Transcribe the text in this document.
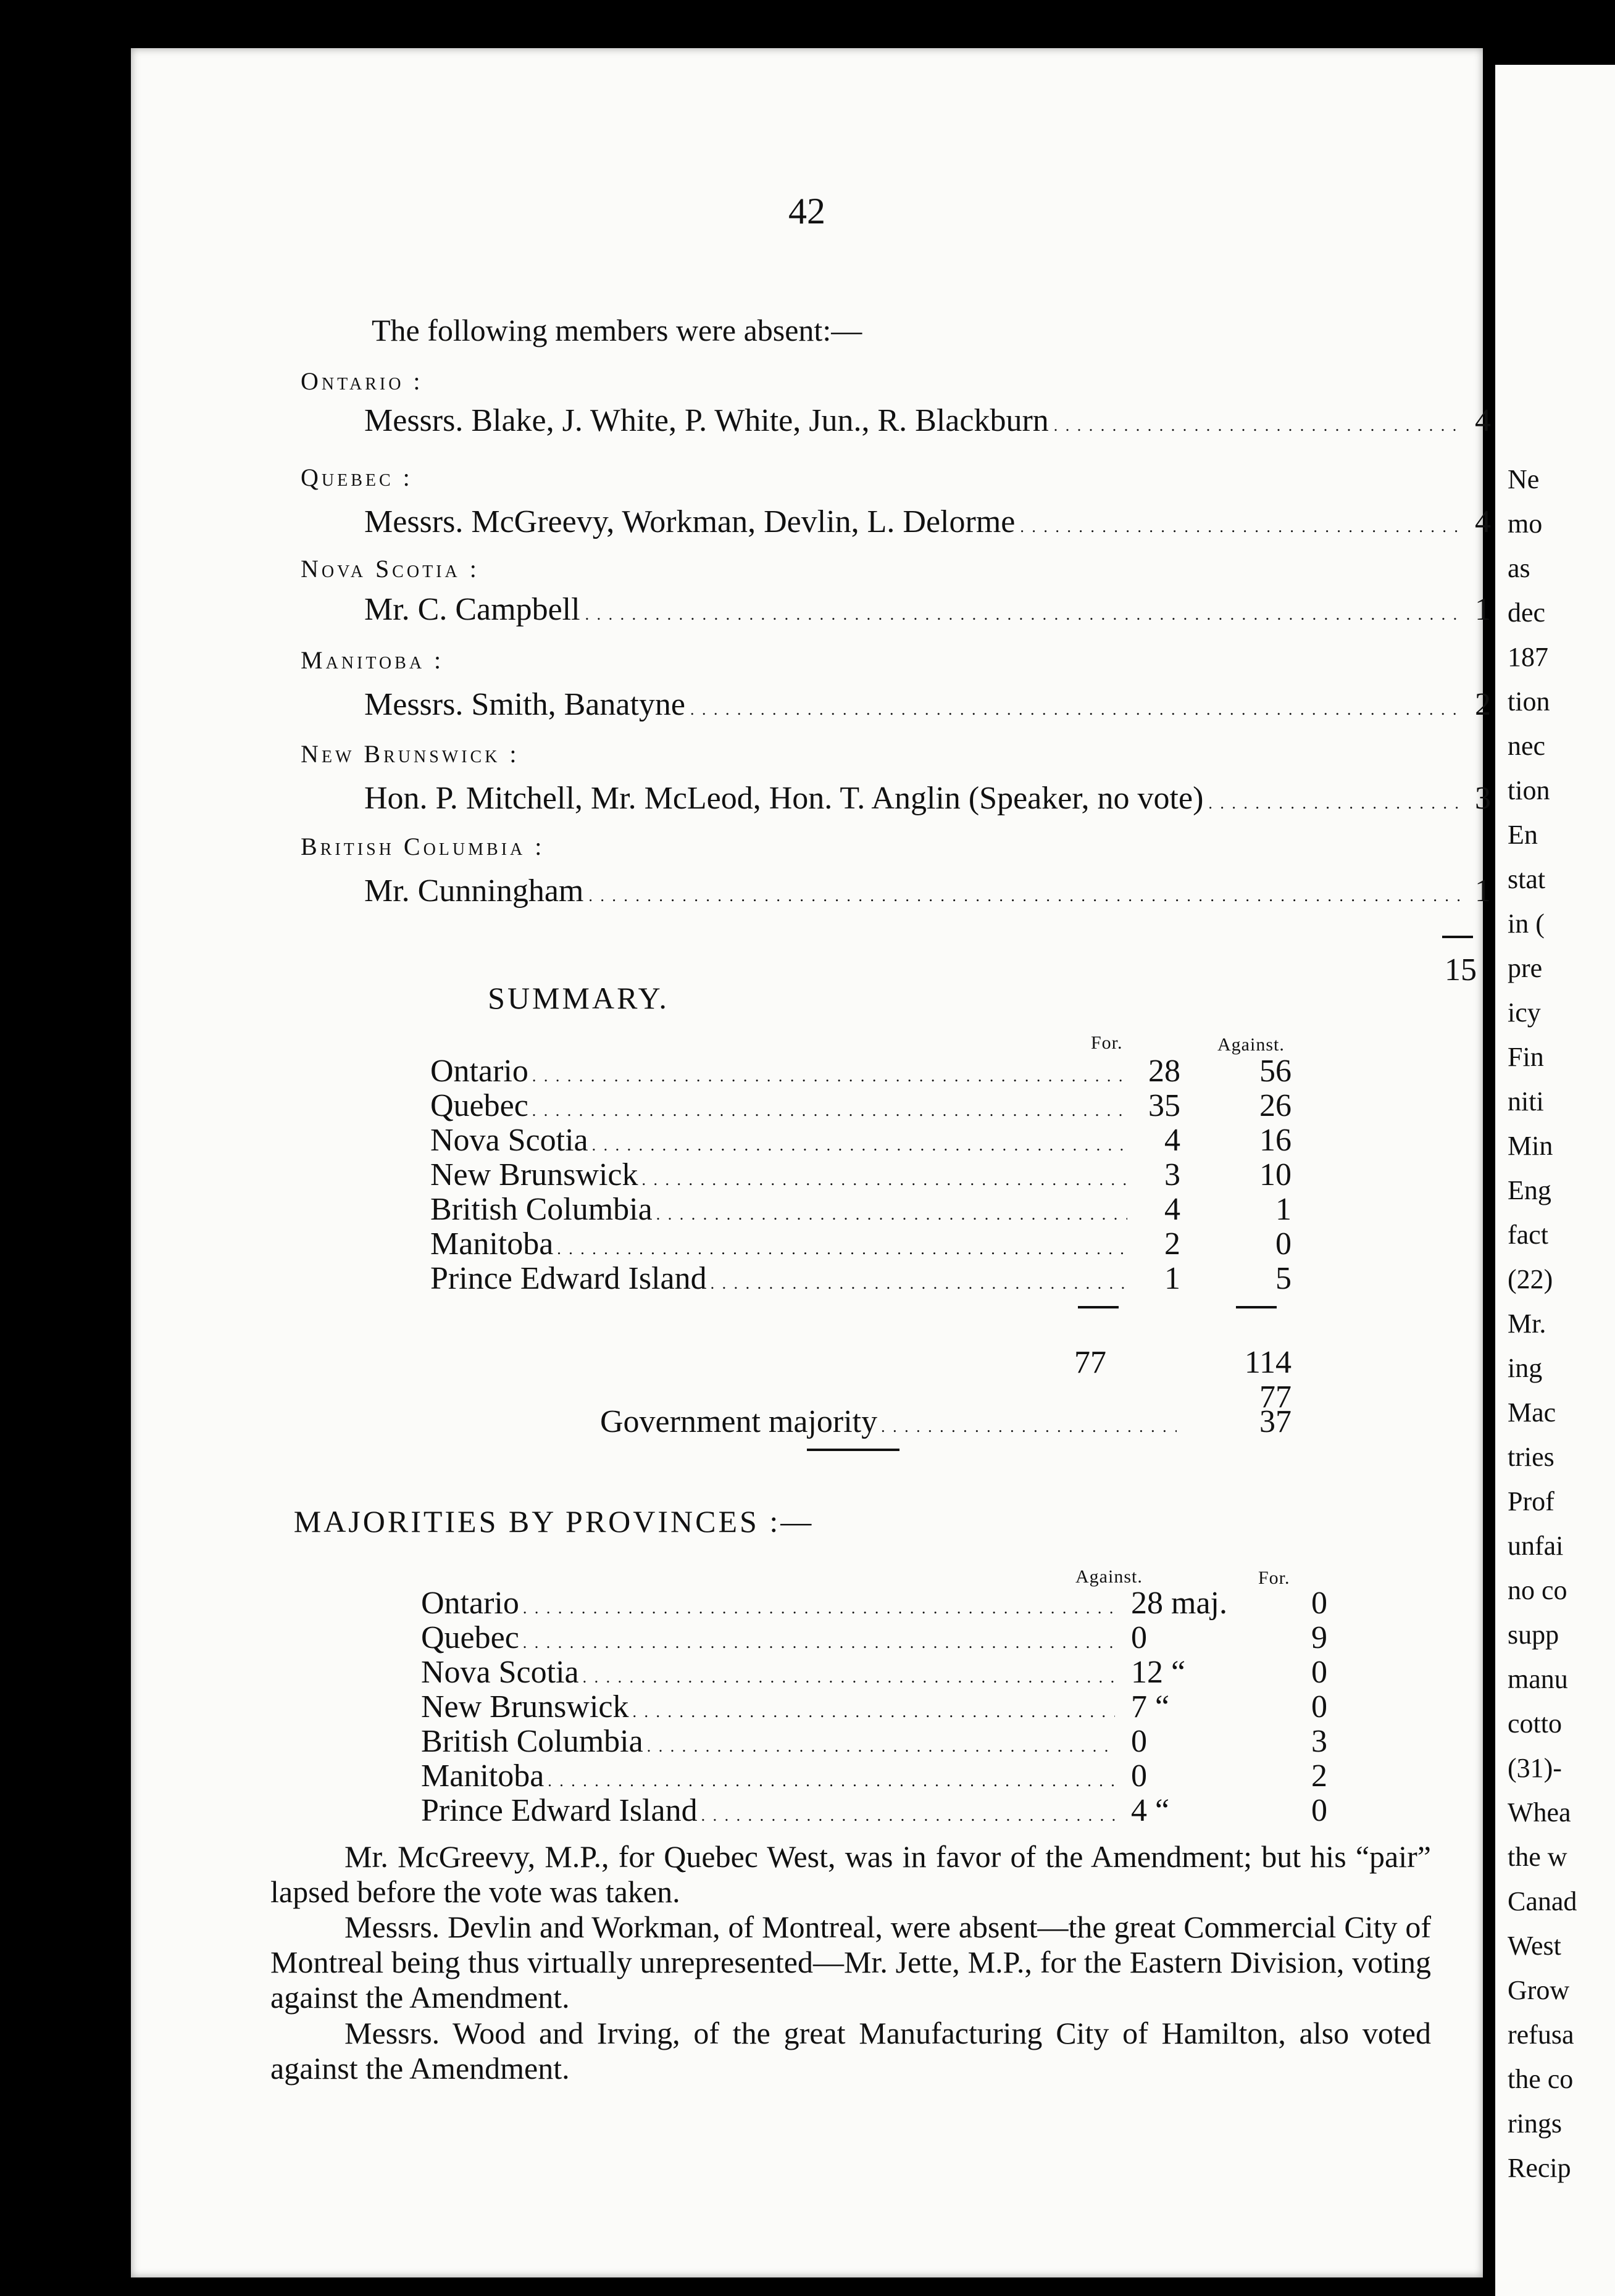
42
The following members were absent:—
Ontario :
Messrs. Blake, J. White, P. White, Jun., R. Blackburn . . .	4
Quebec :
Messrs. McGreevy, Workman, Devlin, L. Delorme . . .	4
Nova Scotia :
Mr. C. Campbell . . .	1
Manitoba :
Messrs. Smith, Banatyne . . .	2
New Brunswick :
Hon. P. Mitchell, Mr. McLeod, Hon. T. Anglin (Speaker, no vote) . . .	3
British Columbia :
Mr. Cunningham . . .	1
15
SUMMARY.
For.	Against.
Ontario . . .	28	56
Quebec . . .	35	26
Nova Scotia . . .	4	16
New Brunswick . . .	3	10
British Columbia . . .	4	1
Manitoba . . .	2	0
Prince Edward Island . . .	1	5
77	114
77
Government majority . . .	37
MAJORITIES BY PROVINCES :—
Against.	For.
Ontario . . .	28 maj.	0
Quebec . . .	0	9
Nova Scotia . . .	12 “	0
New Brunswick . . .	7 “	0
British Columbia . . .	0	3
Manitoba . . .	0	2
Prince Edward Island . . .	4 “	0
Mr. McGreevy, M.P., for Quebec West, was in favor of the Amendment; but his “pair” lapsed before the vote was taken.
Messrs. Devlin and Workman, of Montreal, were absent—the great Commercial City of Montreal being thus virtually unrepresented—Mr. Jette, M.P., for the Eastern Division, voting against the Amendment.
Messrs. Wood and Irving, of the great Manufacturing City of Hamilton, also voted against the Amendment.
Ne
mo
as
dec
187
tion
nec
tion
En
stat
in (
pre
icy
Fin
niti
Min
Eng
fact
(22)
Mr.
ing
Mac
tries
Prof
unfai
no co
supp
manu
cotto
(31)-
Whea
the w
Canad
West
Grow
refusa
the co
rings
Recip
